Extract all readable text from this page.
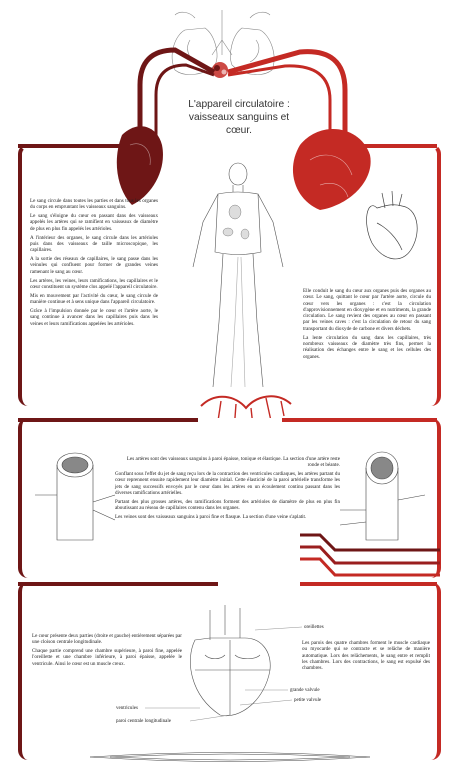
L'appareil circulatoire : vaisseaux sanguins et cœur.

Le sang circule dans toutes les parties et dans tous les organes du corps en empruntant les vaisseaux sanguins.

Le sang s'éloigne du cœur en passant dans des vaisseaux appelés les artères qui se ramifient en vaisseaux de diamètre de plus en plus fin appelés les artérioles.

A l'intérieur des organes, le sang circule dans les artérioles puis dans des vaisseaux de taille microscopique, les capillaires.

A la sortie des réseaux de capillaires, le sang passe dans les veinules qui confluent pour former de grandes veines ramenant le sang au cœur.

Les artères, les veines, leurs ramifications, les capillaires et le cœur constituent un système clos appelé l'appareil circulatoire.

Mis en mouvement par l'activité du cœur, le sang circule de manière continue et à sens unique dans l'appareil circulatoire.

Grâce à l'impulsion donnée par le cœur et l'artère aorte, le sang continue à avancer dans les capillaires puis dans les veines et leurs ramifications appelées les artérioles.

Elle conduit le sang du cœur aux organes puis des organes au cœur. Le sang, quittant le cœur par l'artère aorte, circule du cœur vers les organes : c'est la circulation d'approvisionnement en dioxygène et en nutriments, la grande circulation. Le sang revient des organes au cœur en passant par les veines caves : c'est la circulation de retour du sang transportant du dioxyde de carbone et divers déchets.

La lente circulation du sang dans les capillaires, très nombreux vaisseaux de diamètre très fins, permet la réalisation des échanges entre le sang et les cellules des organes.

Les artères sont des vaisseaux sanguins à paroi épaisse, tonique et élastique. La section d'une artère reste ronde et béante.

Gonflant sous l'effet du jet de sang reçu lors de la contraction des ventricules cardiaques, les artères partant du cœur reprennent ensuite rapidement leur diamètre initial. Cette élasticité de la paroi artérielle transforme les jets de sang successifs envoyés par le cœur dans les artères en un écoulement continu passant dans les diverses ramifications artérielles.

Partant des plus grosses artères, des ramifications forment des artérioles de diamètre de plus en plus fin aboutissant au réseau de capillaires contenu dans les organes.

Les veines sont des vaisseaux sanguins à paroi fine et flasque. La section d'une veine s'aplatit.

Le cœur présente deux parties (droite et gauche) entièrement séparées par une cloison centrale longitudinale.

Chaque partie comprend une chambre supérieure, à paroi fine, appelée l'oreillette et une chambre inférieure, à paroi épaisse, appelée le ventricule. Ainsi le cœur est un muscle creux.

Les parois des quatre chambres forment le muscle cardiaque ou myocarde qui se contracte et se relâche de manière automatique. Lors des relâchements, le sang entre et remplit les chambres. Lors des contractions, le sang est expulsé des chambres.

oreillettes
grande valvule
petite valvule
ventricules
paroi centrale longitudinale
